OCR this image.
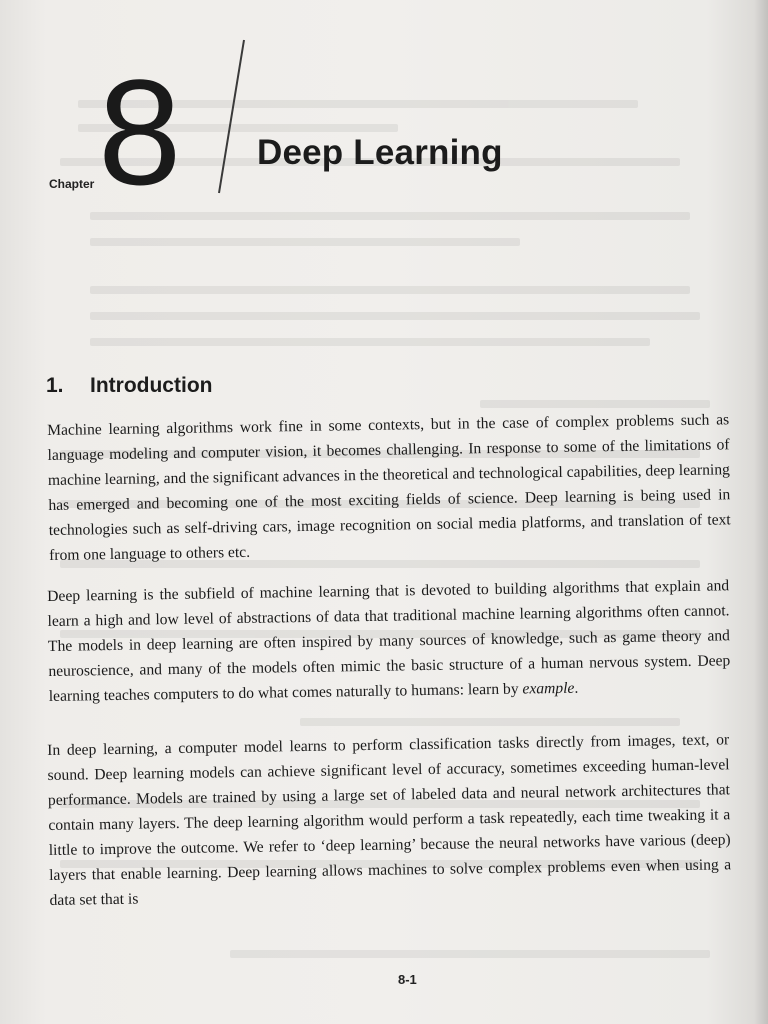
8
Chapter
Deep Learning
1. Introduction

Machine learning algorithms work fine in some contexts, but in the case of complex problems such as language modeling and computer vision, it becomes challenging. In response to some of the limitations of machine learning, and the significant advances in the theoretical and technological capabilities, deep learning has emerged and becoming one of the most exciting fields of science. Deep learning is being used in technologies such as self-driving cars, image recognition on social media platforms, and translation of text from one language to others etc.

Deep learning is the subfield of machine learning that is devoted to building algorithms that explain and learn a high and low level of abstractions of data that traditional machine learning algorithms often cannot. The models in deep learning are often inspired by many sources of knowledge, such as game theory and neuroscience, and many of the models often mimic the basic structure of a human nervous system. Deep learning teaches computers to do what comes naturally to humans: learn by example.

In deep learning, a computer model learns to perform classification tasks directly from images, text, or sound. Deep learning models can achieve significant level of accuracy, sometimes exceeding human-level performance. Models are trained by using a large set of labeled data and neural network architectures that contain many layers. The deep learning algorithm would perform a task repeatedly, each time tweaking it a little to improve the outcome. We refer to ‘deep learning’ because the neural networks have various (deep) layers that enable learning. Deep learning allows machines to solve complex problems even when using a data set that is

8-1
